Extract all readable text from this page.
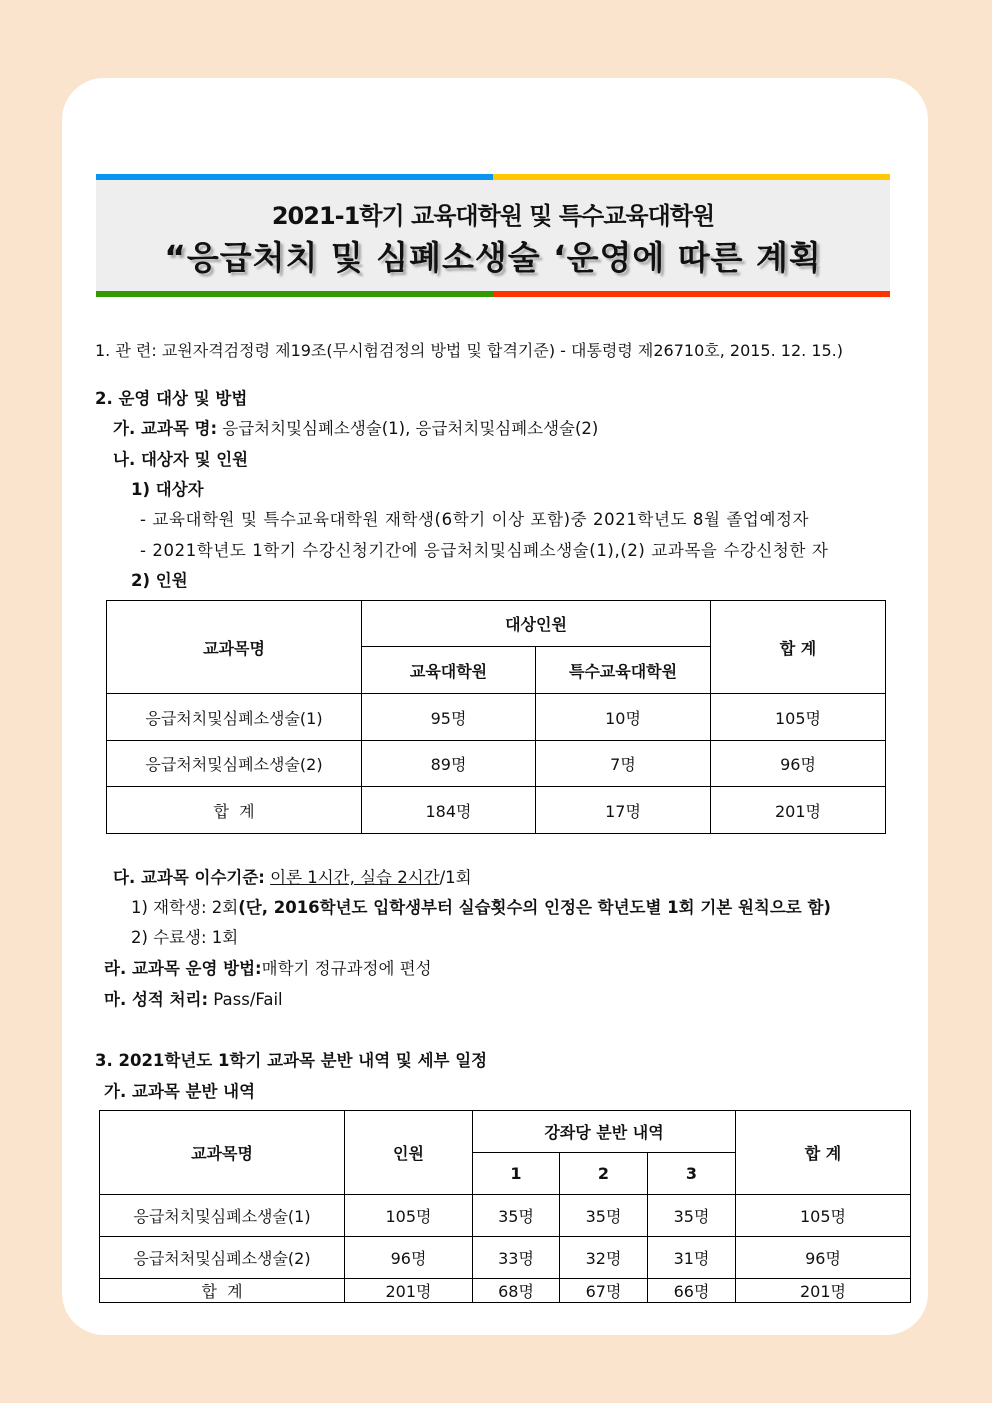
2021-1학기 교육대학원 및 특수교육대학원
“응급처치 및 심폐소생술 ‘운영에 따른 계획
1. 관 련: 교원자격검정령 제19조(무시험검정의 방법 및 합격기준) - 대통령령 제26710호, 2015. 12. 15.)
2. 운영 대상 및 방법
가. 교과목 명: 응급처치및심폐소생술(1), 응급처치및심폐소생술(2)
나. 대상자 및 인원
1) 대상자
- 교육대학원 및 특수교육대학원 재학생(6학기 이상 포함)중 2021학년도 8월 졸업예정자
- 2021학년도 1학기 수강신청기간에 응급처치및심폐소생술(1),(2) 교과목을 수강신청한 자
2) 인원
교과목명	대상인원		합 계
	교육대학원	특수교육대학원	
응급처치및심폐소생술(1)	95명	10명	105명
응급처처및심폐소생술(2)	89명	7명	96명
합  계	184명	17명	201명
다. 교과목 이수기준: 이론 1시간, 실습 2시간/1회
1) 재학생: 2회(단, 2016학년도 입학생부터 실습횟수의 인정은 학년도별 1회 기본 원칙으로 함)
2) 수료생: 1회
라. 교과목 운영 방법:매학기 정규과정에 편성
마. 성적 처리: Pass/Fail
3. 2021학년도 1학기 교과목 분반 내역 및 세부 일정
가. 교과목 분반 내역
교과목명	인원	강좌당 분반 내역			합 계
		1	2	3	
응급처치및심폐소생술(1)	105명	35명	35명	35명	105명
응급처처및심폐소생술(2)	96명	33명	32명	31명	96명
합  계	201명	68명	67명	66명	201명
